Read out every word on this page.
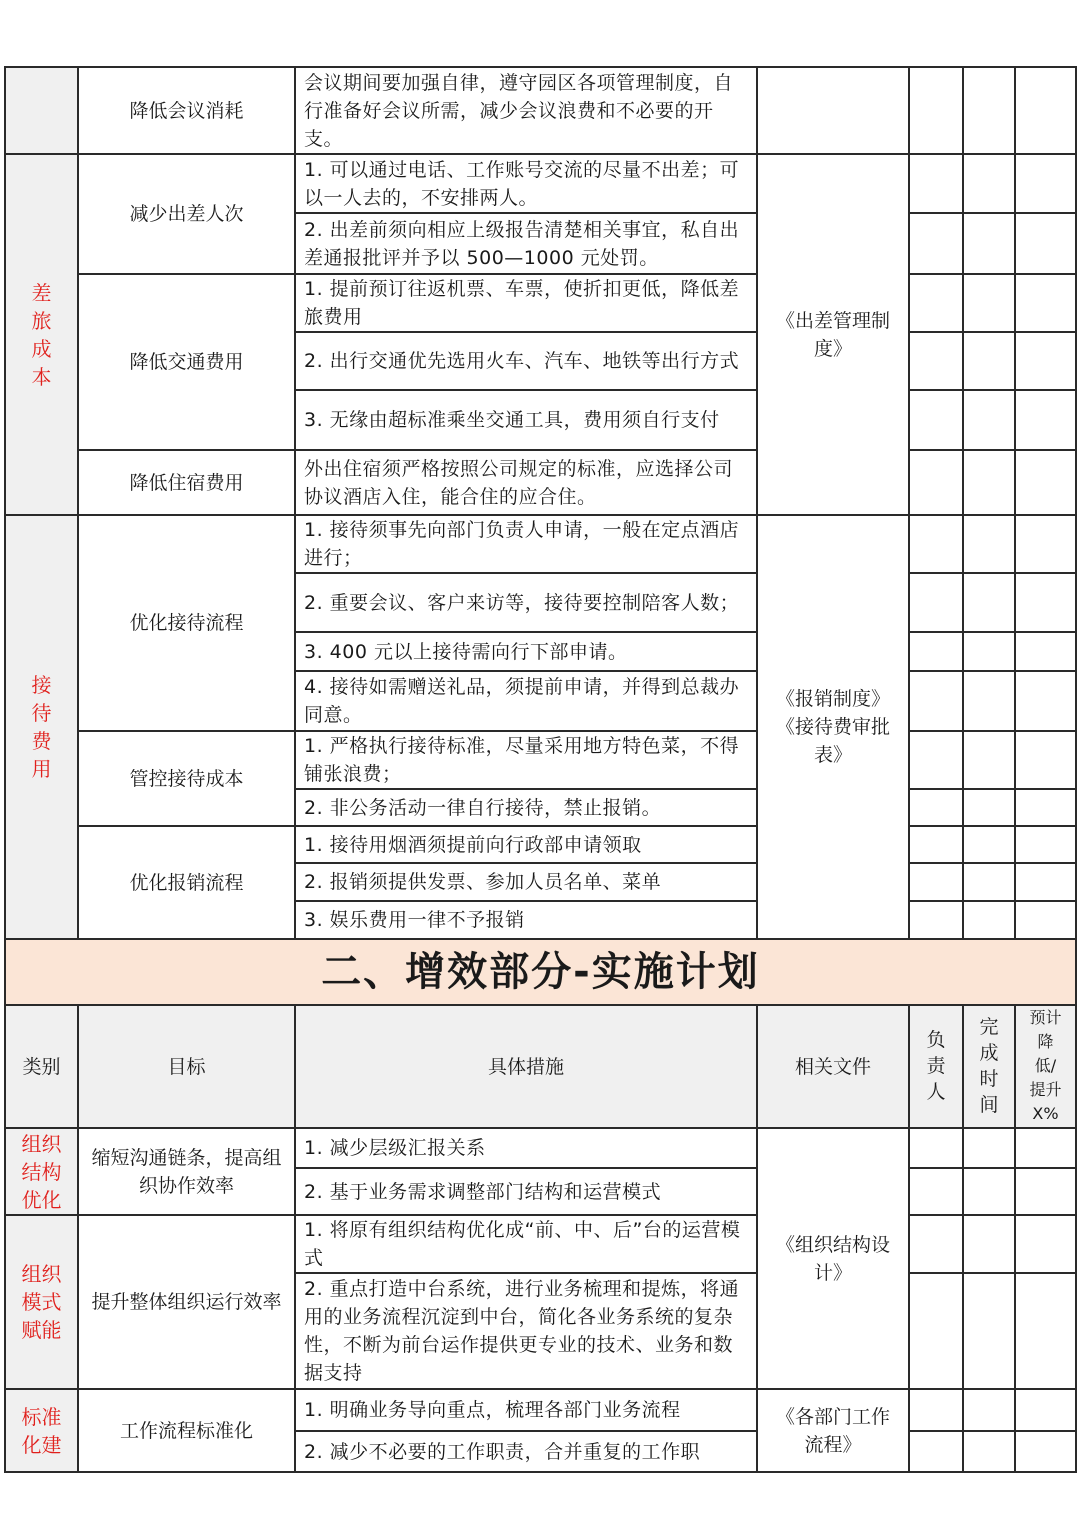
	降低会议消耗	会议期间要加强自律，遵守园区各项管理制度，自行准备好会议所需，减少会议浪费和不必要的开支。				
差旅成本	减少出差人次	1. 可以通过电话、工作账号交流的尽量不出差；可以一人去的，不安排两人。	《出差管理制度》			
		2. 出差前须向相应上级报告清楚相关事宜，私自出差通报批评并予以 500—1000 元处罚。				
	降低交通费用	1. 提前预订往返机票、车票，使折扣更低，降低差旅费用				
		2. 出行交通优先选用火车、汽车、地铁等出行方式				
		3. 无缘由超标准乘坐交通工具，费用须自行支付				
	降低住宿费用	外出住宿须严格按照公司规定的标准，应选择公司协议酒店入住，能合住的应合住。				
接待费用	优化接待流程	1. 接待须事先向部门负责人申请，一般在定点酒店进行；	《报销制度》《接待费审批表》			
		2. 重要会议、客户来访等，接待要控制陪客人数；				
		3. 400 元以上接待需向行下部申请。				
		4. 接待如需赠送礼品，须提前申请，并得到总裁办同意。				
	管控接待成本	1. 严格执行接待标准，尽量采用地方特色菜，不得铺张浪费；				
		2. 非公务活动一律自行接待，禁止报销。				
	优化报销流程	1. 接待用烟酒须提前向行政部申请领取				
		2. 报销须提供发票、参加人员名单、菜单				
		3. 娱乐费用一律不予报销				
二、增效部分-实施计划						
类别	目标	具体措施	相关文件	负责人	完成时间	预计降低/提升X%
组织结构优化	缩短沟通链条，提高组织协作效率	1. 减少层级汇报关系	《组织结构设计》			
		2. 基于业务需求调整部门结构和运营模式				
组织模式赋能	提升整体组织运行效率	1. 将原有组织结构优化成“前、中、后”台的运营模式				
		2. 重点打造中台系统，进行业务梳理和提炼，将通用的业务流程沉淀到中台，简化各业务系统的复杂性，不断为前台运作提供更专业的技术、业务和数据支持				
标准化建	工作流程标准化	1. 明确业务导向重点，梳理各部门业务流程	《各部门工作流程》			
		2. 减少不必要的工作职责，合并重复的工作职				
